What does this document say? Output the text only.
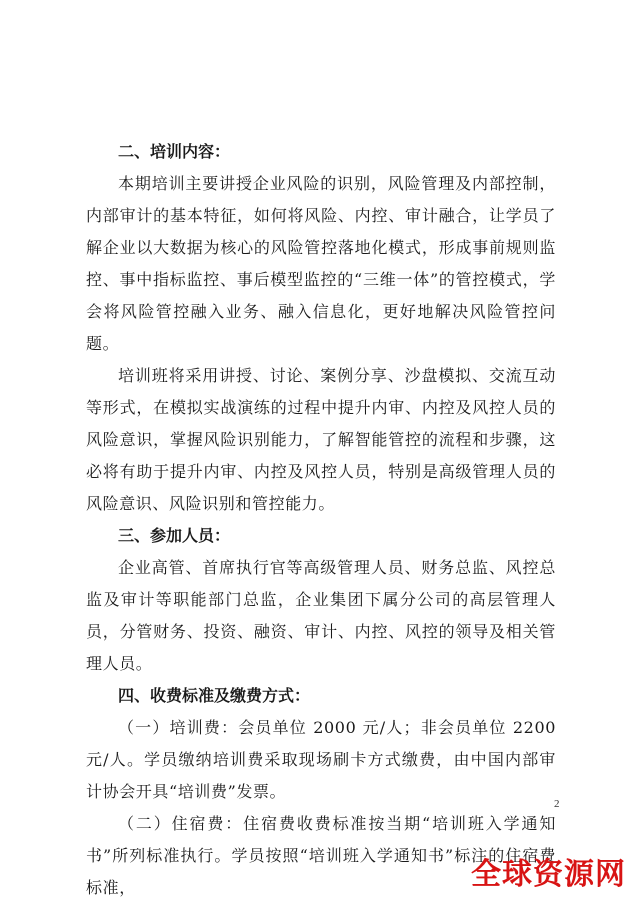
二、培训内容：

本期培训主要讲授企业风险的识别，风险管理及内部控制，内部审计的基本特征，如何将风险、内控、审计融合，让学员了解企业以大数据为核心的风险管控落地化模式，形成事前规则监控、事中指标监控、事后模型监控的“三维一体”的管控模式，学会将风险管控融入业务、融入信息化，更好地解决风险管控问题。

培训班将采用讲授、讨论、案例分享、沙盘模拟、交流互动等形式，在模拟实战演练的过程中提升内审、内控及风控人员的风险意识，掌握风险识别能力，了解智能管控的流程和步骤，这必将有助于提升内审、内控及风控人员，特别是高级管理人员的风险意识、风险识别和管控能力。

三、参加人员：

企业高管、首席执行官等高级管理人员、财务总监、风控总监及审计等职能部门总监，企业集团下属分公司的高层管理人员，分管财务、投资、融资、审计、内控、风控的领导及相关管理人员。

四、收费标准及缴费方式：

（一）培训费：会员单位 2000 元/人；非会员单位 2200 元/人。学员缴纳培训费采取现场刷卡方式缴费，由中国内部审计协会开具“培训费”发票。

（二）住宿费：住宿费收费标准按当期“培训班入学通知书”所列标准执行。学员按照“培训班入学通知书”标注的住宿费标准，

2
全球资源网
